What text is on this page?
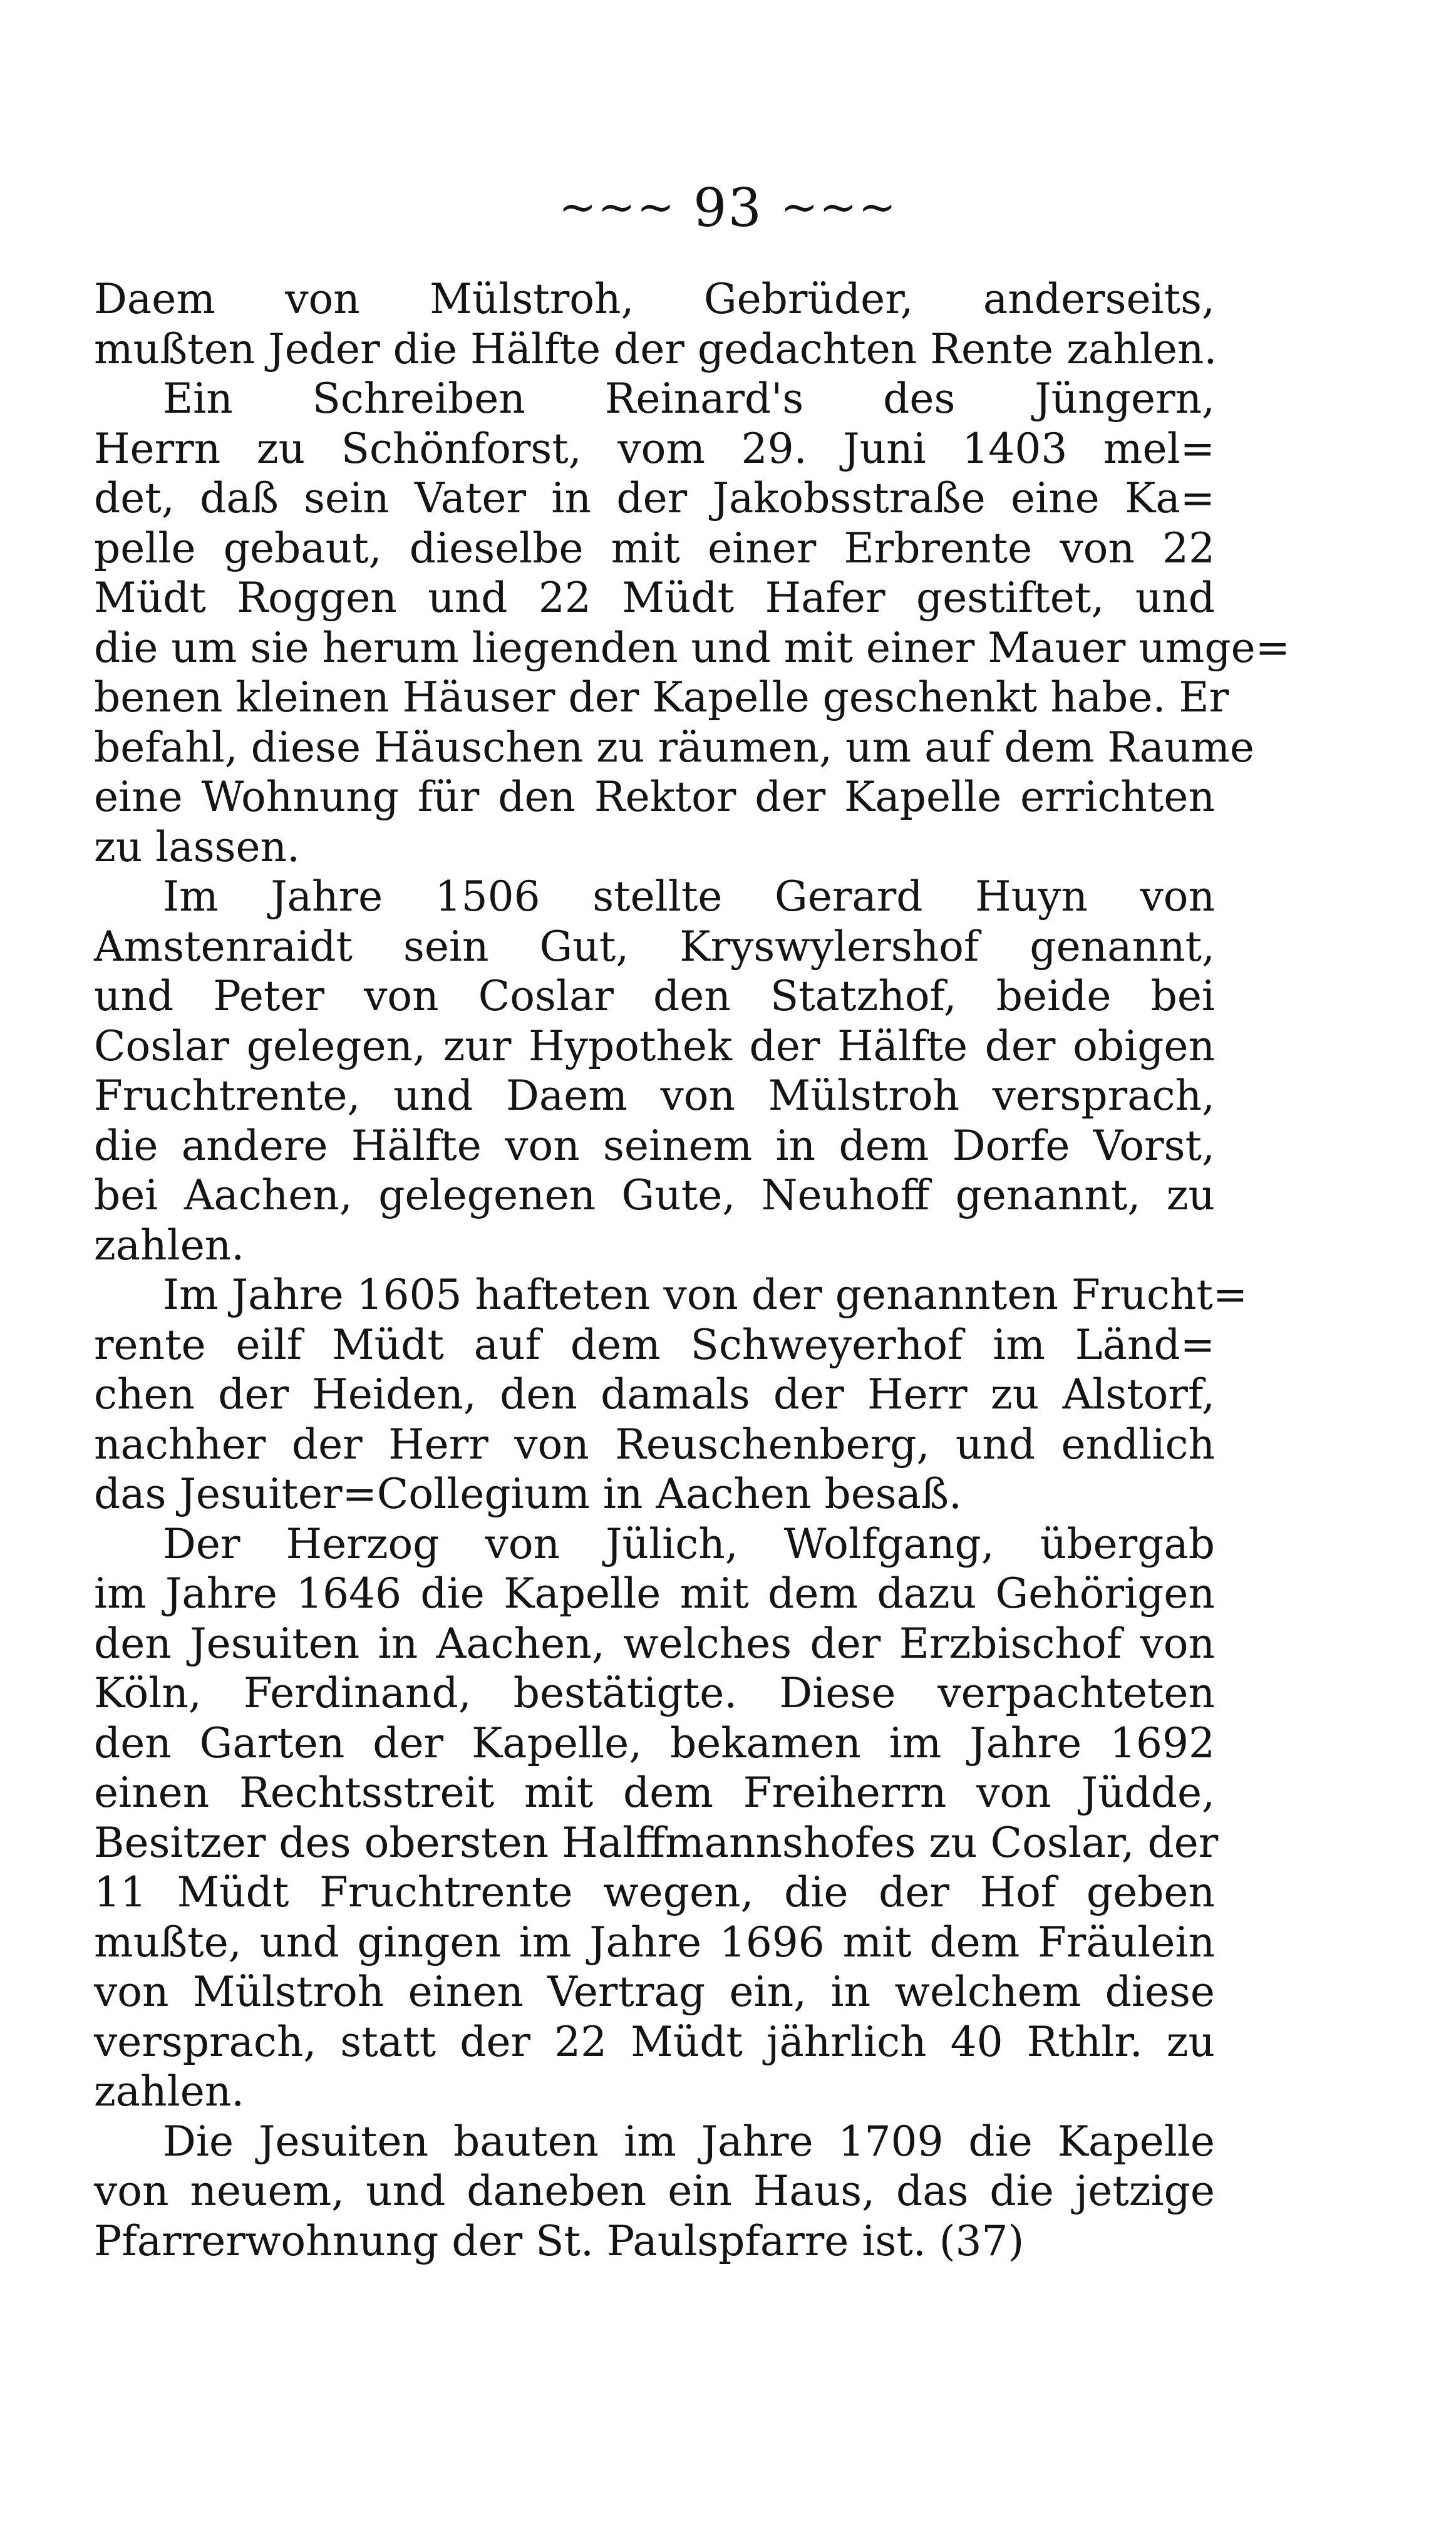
~~~ 93 ~~~
Daem von Mülstroh, Gebrüder, anderseits,
mußten Jeder die Hälfte der gedachten Rente zahlen.
Ein Schreiben Reinard's des Jüngern,
Herrn zu Schönforst, vom 29. Juni 1403 mel=
det, daß sein Vater in der Jakobsstraße eine Ka=
pelle gebaut, dieselbe mit einer Erbrente von 22
Müdt Roggen und 22 Müdt Hafer gestiftet, und
die um sie herum liegenden und mit einer Mauer umge=
benen kleinen Häuser der Kapelle geschenkt habe. Er
befahl, diese Häuschen zu räumen, um auf dem Raume
eine Wohnung für den Rektor der Kapelle errichten
zu lassen.
Im Jahre 1506 stellte Gerard Huyn von
Amstenraidt sein Gut, Kryswylershof genannt,
und Peter von Coslar den Statzhof, beide bei
Coslar gelegen, zur Hypothek der Hälfte der obigen
Fruchtrente, und Daem von Mülstroh versprach,
die andere Hälfte von seinem in dem Dorfe Vorst,
bei Aachen, gelegenen Gute, Neuhoff genannt, zu
zahlen.
Im Jahre 1605 hafteten von der genannten Frucht=
rente eilf Müdt auf dem Schweyerhof im Länd=
chen der Heiden, den damals der Herr zu Alstorf,
nachher der Herr von Reuschenberg, und endlich
das Jesuiter=Collegium in Aachen besaß.
Der Herzog von Jülich, Wolfgang, übergab
im Jahre 1646 die Kapelle mit dem dazu Gehörigen
den Jesuiten in Aachen, welches der Erzbischof von
Köln, Ferdinand, bestätigte. Diese verpachteten
den Garten der Kapelle, bekamen im Jahre 1692
einen Rechtsstreit mit dem Freiherrn von Jüdde,
Besitzer des obersten Halffmannshofes zu Coslar, der
11 Müdt Fruchtrente wegen, die der Hof geben
mußte, und gingen im Jahre 1696 mit dem Fräulein
von Mülstroh einen Vertrag ein, in welchem diese
versprach, statt der 22 Müdt jährlich 40 Rthlr. zu
zahlen.
Die Jesuiten bauten im Jahre 1709 die Kapelle
von neuem, und daneben ein Haus, das die jetzige
Pfarrerwohnung der St. Paulspfarre ist. (37)
